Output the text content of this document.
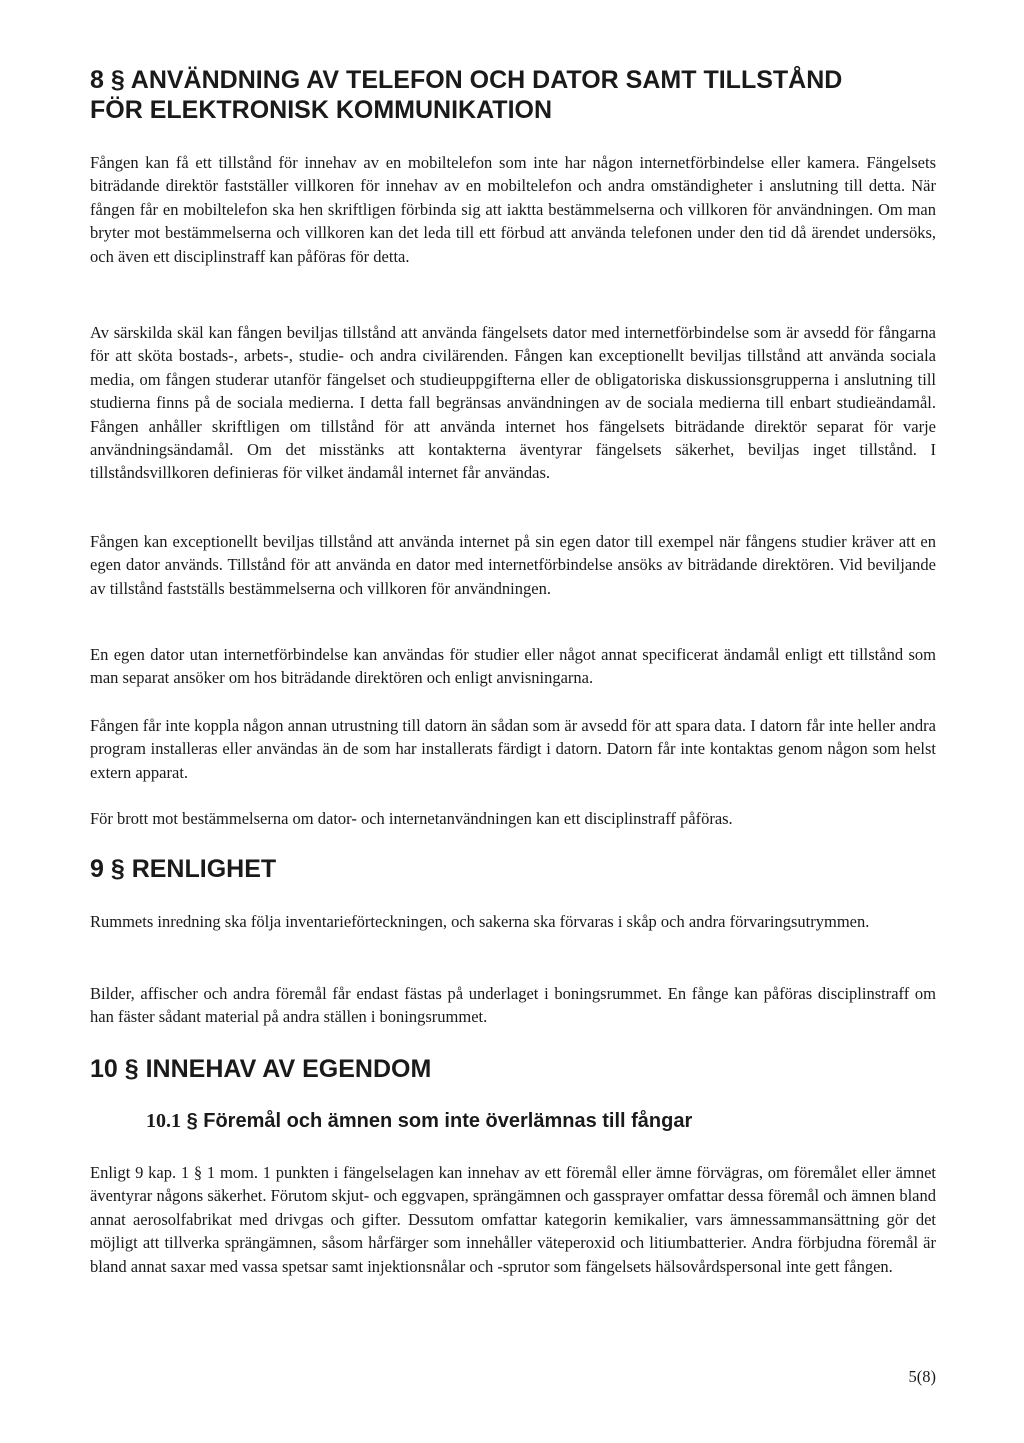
8 § ANVÄNDNING AV TELEFON OCH DATOR SAMT TILLSTÅND
FÖR ELEKTRONISK KOMMUNIKATION

Fången kan få ett tillstånd för innehav av en mobiltelefon som inte har någon internetförbindelse eller kamera. Fängelsets biträdande direktör fastställer villkoren för innehav av en mobiltelefon och andra omständigheter i anslutning till detta. När fången får en mobiltelefon ska hen skriftligen förbinda sig att iaktta bestämmelserna och villkoren för användningen. Om man bryter mot bestämmelserna och villkoren kan det leda till ett förbud att använda telefonen under den tid då ärendet undersöks, och även ett disciplinstraff kan påföras för detta.

Av särskilda skäl kan fången beviljas tillstånd att använda fängelsets dator med internetförbindelse som är avsedd för fångarna för att sköta bostads-, arbets-, studie- och andra civilärenden. Fången kan exceptionellt beviljas tillstånd att använda sociala media, om fången studerar utanför fängelset och studieuppgifterna eller de obligatoriska diskussionsgrupperna i anslutning till studierna finns på de sociala medierna. I detta fall begränsas användningen av de sociala medierna till enbart studieändamål. Fången anhåller skriftligen om tillstånd för att använda internet hos fängelsets biträdande direktör separat för varje användningsändamål. Om det misstänks att kontakterna äventyrar fängelsets säkerhet, beviljas inget tillstånd. I tillståndsvillkoren definieras för vilket ändamål internet får användas.

Fången kan exceptionellt beviljas tillstånd att använda internet på sin egen dator till exempel när fångens studier kräver att en egen dator används. Tillstånd för att använda en dator med internetförbindelse ansöks av biträdande direktören. Vid beviljande av tillstånd fastställs bestämmelserna och villkoren för användningen.

En egen dator utan internetförbindelse kan användas för studier eller något annat specificerat ändamål enligt ett tillstånd som man separat ansöker om hos biträdande direktören och enligt anvisningarna.

Fången får inte koppla någon annan utrustning till datorn än sådan som är avsedd för att spara data. I datorn får inte heller andra program installeras eller användas än de som har installerats färdigt i datorn. Datorn får inte kontaktas genom någon som helst extern apparat.

För brott mot bestämmelserna om dator- och internetanvändningen kan ett disciplinstraff påföras.

9 § RENLIGHET

Rummets inredning ska följa inventarieförteckningen, och sakerna ska förvaras i skåp och andra förvaringsutrymmen.

Bilder, affischer och andra föremål får endast fästas på underlaget i boningsrummet. En fånge kan påföras disciplinstraff om han fäster sådant material på andra ställen i boningsrummet.

10 § INNEHAV AV EGENDOM
10.1 § Föremål och ämnen som inte överlämnas till fångar

Enligt 9 kap. 1 § 1 mom. 1 punkten i fängelselagen kan innehav av ett föremål eller ämne förvägras, om föremålet eller ämnet äventyrar någons säkerhet. Förutom skjut- och eggvapen, sprängämnen och gassprayer omfattar dessa föremål och ämnen bland annat aerosolfabrikat med drivgas och gifter. Dessutom omfattar kategorin kemikalier, vars ämnessammansättning gör det möjligt att tillverka sprängämnen, såsom hårfärger som innehåller väteperoxid och litiumbatterier. Andra förbjudna föremål är bland annat saxar med vassa spetsar samt injektionsnålar och -sprutor som fängelsets hälsovårdspersonal inte gett fången.

5(8)
